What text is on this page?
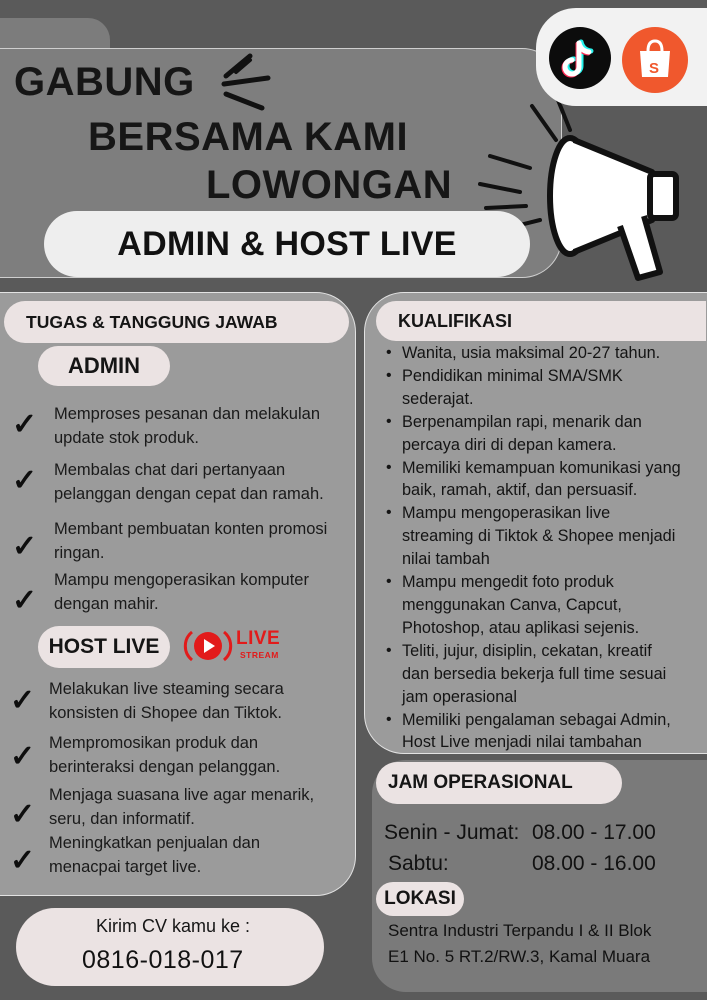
GABUNG
BERSAMA KAMI
LOWONGAN
ADMIN & HOST LIVE
S
TUGAS & TANGGUNG JAWAB
ADMIN
✓ Memproses pesanan dan melakulan
update stok produk.
✓ Membalas chat dari pertanyaan
pelanggan dengan cepat dan ramah.
✓
Membant pembuatan konten promosi
ringan.
✓
Mampu mengoperasikan komputer
dengan mahir.
HOST LIVE	LIVE
STREAM
✓ Melakukan live steaming secara
konsisten di Shopee dan Tiktok.
✓ Mempromosikan produk dan
berinteraksi dengan pelanggan.
✓
Menjaga suasana live agar menarik,
seru, dan informatif.
✓
Meningkatkan penjualan dan
menacpai target live.
KUALIFIKASI
• Wanita, usia maksimal 20-27 tahun.
• Pendidikan minimal SMA/SMK
sederajat.
• Berpenampilan rapi, menarik dan
percaya diri di depan kamera.
• Memiliki kemampuan komunikasi yang
baik, ramah, aktif, dan persuasif.
• Mampu mengoperasikan live
streaming di Tiktok & Shopee menjadi
nilai tambah
• Mampu mengedit foto produk
menggunakan Canva, Capcut,
Photoshop, atau aplikasi sejenis.
• Teliti, jujur, disiplin, cekatan, kreatif
dan bersedia bekerja full time sesuai
jam operasional
• Memiliki pengalaman sebagai Admin,
Host Live menjadi nilai tambahan
JAM OPERASIONAL
Senin - Jumat: 08.00 - 17.00
Sabtu:	08.00 - 16.00
LOKASI
Sentra Industri Terpandu I & II Blok
E1 No. 5 RT.2/RW.3, Kamal Muara
Kirim CV kamu ke :
0816-018-017
